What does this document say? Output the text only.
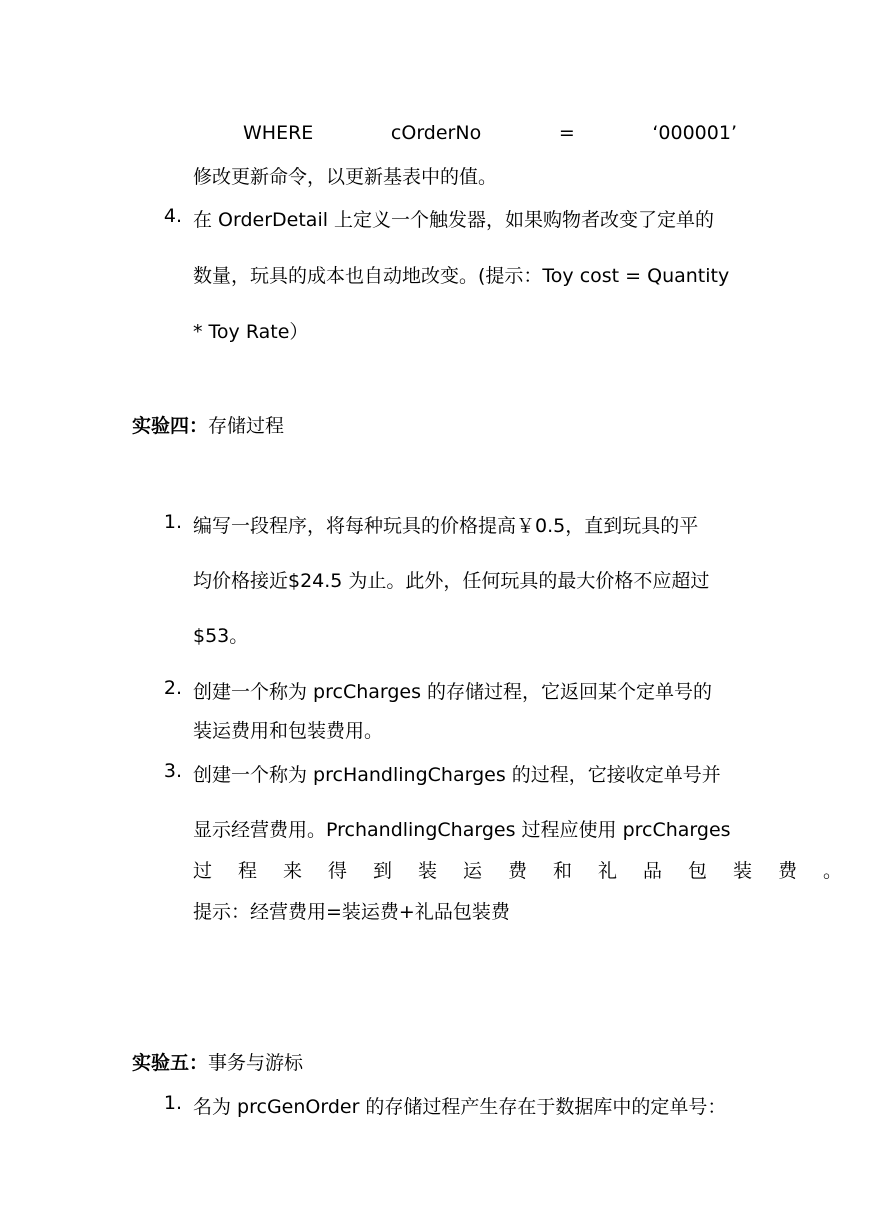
WHERE	cOrderNo	=	‘000001’
修改更新命令，以更新基表中的值。
4. 在 OrderDetail 上定义一个触发器，如果购物者改变了定单的
数量，玩具的成本也自动地改变。(提示：Toy cost = Quantity
* Toy Rate）
实验四：存储过程
1. 编写一段程序，将每种玩具的价格提高￥0.5，直到玩具的平
均价格接近$24.5 为止。此外，任何玩具的最大价格不应超过
$53。
2. 创建一个称为 prcCharges 的存储过程，它返回某个定单号的
装运费用和包装费用。
3. 创建一个称为 prcHandlingCharges 的过程，它接收定单号并
显示经营费用。PrchandlingCharges 过程应使用 prcCharges
过程来得到装运费和礼品包装费。
提示：经营费用=装运费+礼品包装费
实验五：事务与游标
1. 名为 prcGenOrder 的存储过程产生存在于数据库中的定单号：
